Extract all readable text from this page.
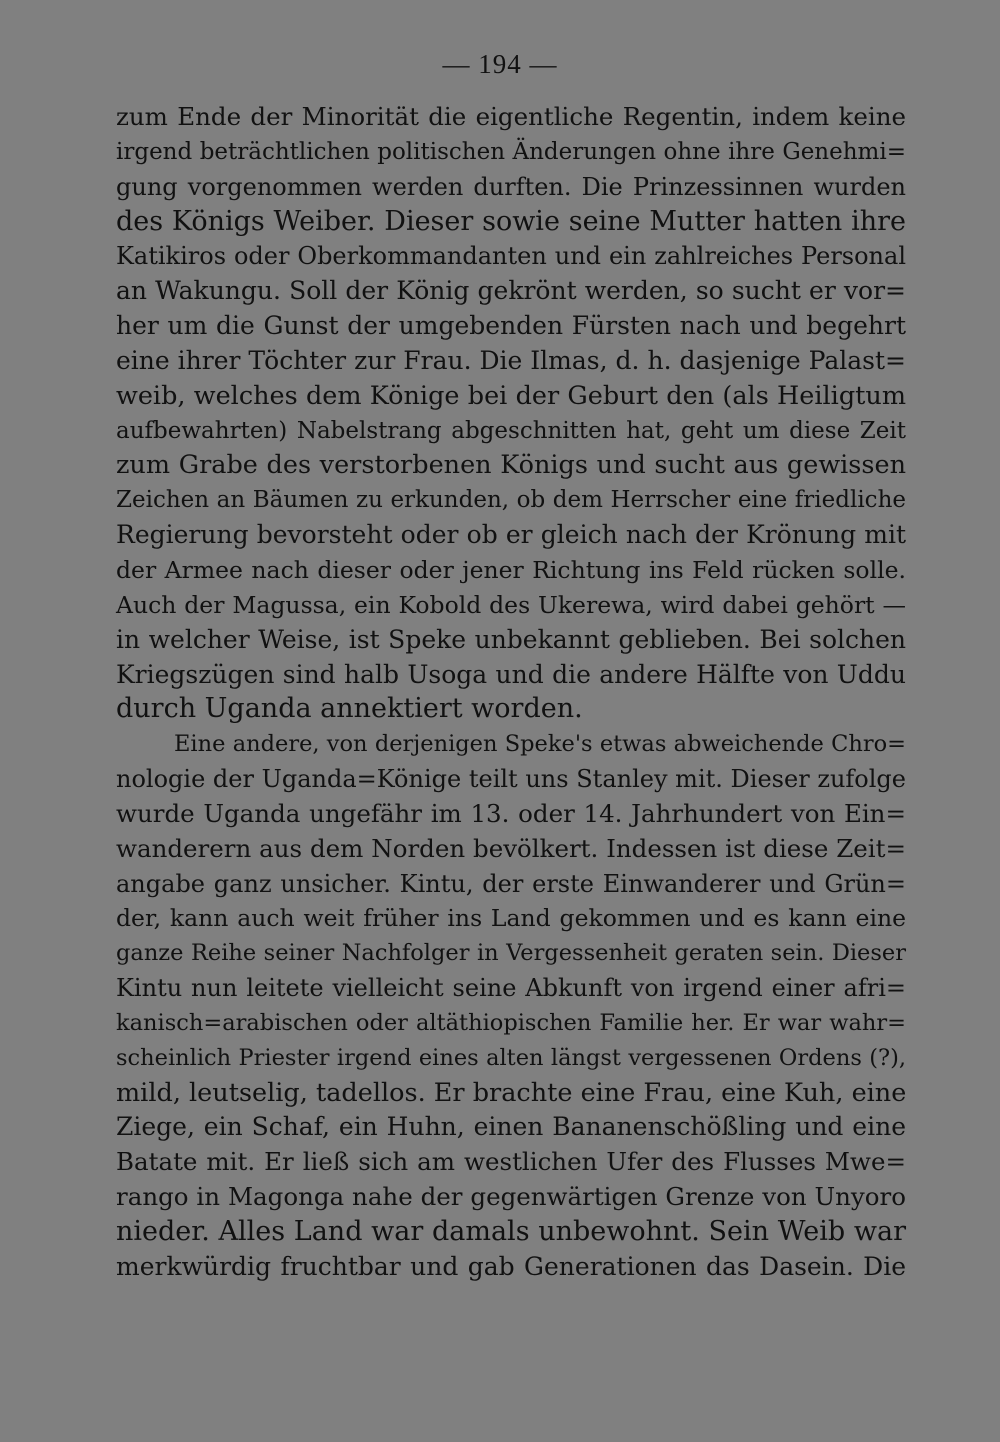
— 194 —
zum Ende der Minorität die eigentliche Regentin, indem keine
irgend beträchtlichen politischen Änderungen ohne ihre Genehmi=
gung vorgenommen werden durften. Die Prinzessinnen wurden
des Königs Weiber. Dieser sowie seine Mutter hatten ihre
Katikiros oder Oberkommandanten und ein zahlreiches Personal
an Wakungu. Soll der König gekrönt werden, so sucht er vor=
her um die Gunst der umgebenden Fürsten nach und begehrt
eine ihrer Töchter zur Frau. Die Ilmas, d. h. dasjenige Palast=
weib, welches dem Könige bei der Geburt den (als Heiligtum
aufbewahrten) Nabelstrang abgeschnitten hat, geht um diese Zeit
zum Grabe des verstorbenen Königs und sucht aus gewissen
Zeichen an Bäumen zu erkunden, ob dem Herrscher eine friedliche
Regierung bevorsteht oder ob er gleich nach der Krönung mit
der Armee nach dieser oder jener Richtung ins Feld rücken solle.
Auch der Magussa, ein Kobold des Ukerewa, wird dabei gehört —
in welcher Weise, ist Speke unbekannt geblieben. Bei solchen
Kriegszügen sind halb Usoga und die andere Hälfte von Uddu
durch Uganda annektiert worden.
Eine andere, von derjenigen Speke's etwas abweichende Chro=
nologie der Uganda=Könige teilt uns Stanley mit. Dieser zufolge
wurde Uganda ungefähr im 13. oder 14. Jahrhundert von Ein=
wanderern aus dem Norden bevölkert. Indessen ist diese Zeit=
angabe ganz unsicher. Kintu, der erste Einwanderer und Grün=
der, kann auch weit früher ins Land gekommen und es kann eine
ganze Reihe seiner Nachfolger in Vergessenheit geraten sein. Dieser
Kintu nun leitete vielleicht seine Abkunft von irgend einer afri=
kanisch=arabischen oder altäthiopischen Familie her. Er war wahr=
scheinlich Priester irgend eines alten längst vergessenen Ordens (?),
mild, leutselig, tadellos. Er brachte eine Frau, eine Kuh, eine
Ziege, ein Schaf, ein Huhn, einen Bananenschößling und eine
Batate mit. Er ließ sich am westlichen Ufer des Flusses Mwe=
rango in Magonga nahe der gegenwärtigen Grenze von Unyoro
nieder. Alles Land war damals unbewohnt. Sein Weib war
merkwürdig fruchtbar und gab Generationen das Dasein. Die
